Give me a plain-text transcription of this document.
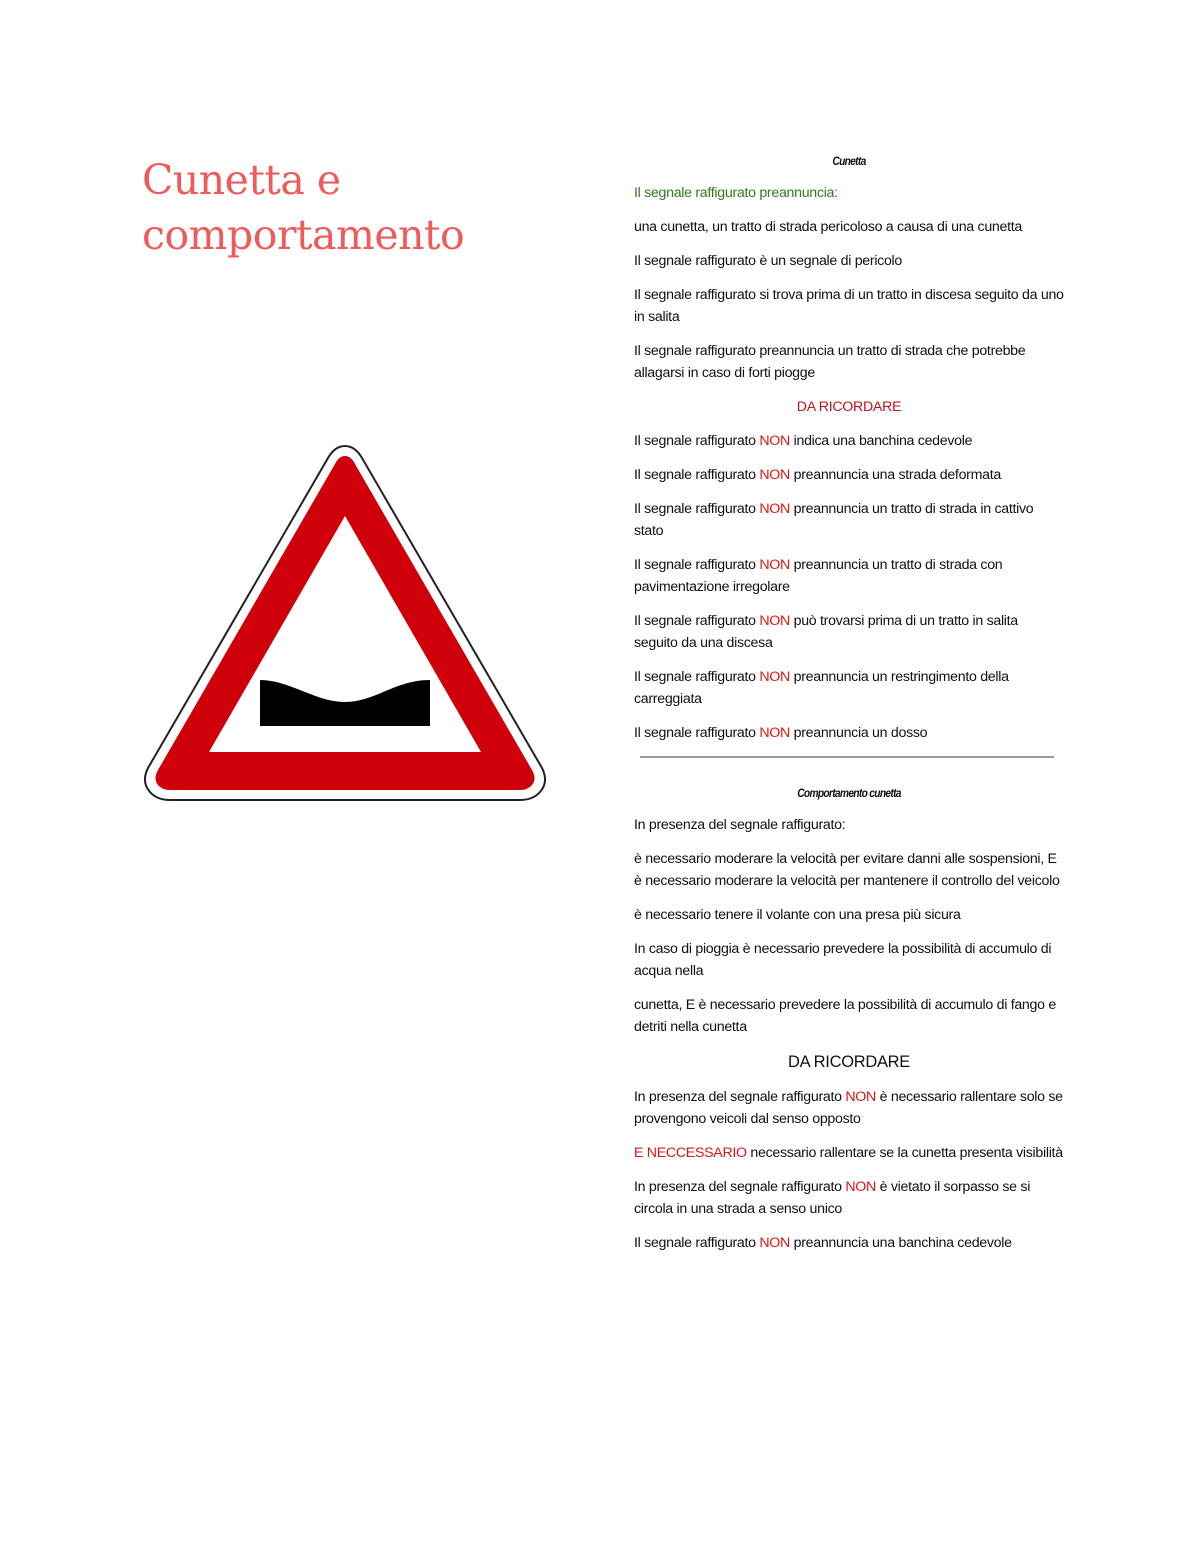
Cunetta e comportamento

Cunetta

Il segnale raffigurato preannuncia:

una cunetta, un tratto di strada pericoloso a causa di una cunetta

Il segnale raffigurato è un segnale di pericolo

Il segnale raffigurato si trova prima di un tratto in discesa seguito da uno in salita

Il segnale raffigurato preannuncia un tratto di strada che potrebbe allagarsi in caso di forti piogge

DA RICORDARE

Il segnale raffigurato NON indica una banchina cedevole

Il segnale raffigurato NON preannuncia una strada deformata

Il segnale raffigurato NON preannuncia un tratto di strada in cattivo stato

Il segnale raffigurato NON preannuncia un tratto di strada con pavimentazione irregolare

Il segnale raffigurato NON può trovarsi prima di un tratto in salita seguito da una discesa

Il segnale raffigurato NON preannuncia un restringimento della carreggiata

Il segnale raffigurato NON preannuncia un dosso

Comportamento cunetta

In presenza del segnale raffigurato:

è necessario moderare la velocità per evitare danni alle sospensioni, E è necessario moderare la velocità per mantenere il controllo del veicolo

è necessario tenere il volante con una presa più sicura

In caso di pioggia è necessario prevedere la possibilità di accumulo di acqua nella

cunetta, E è necessario prevedere la possibilità di accumulo di fango e detriti nella cunetta

DA RICORDARE

In presenza del segnale raffigurato NON è necessario rallentare solo se provengono veicoli dal senso opposto

E NECCESSARIO necessario rallentare se la cunetta presenta visibilità

In presenza del segnale raffigurato NON è vietato il sorpasso se si circola in una strada a senso unico

Il segnale raffigurato NON preannuncia una banchina cedevole
